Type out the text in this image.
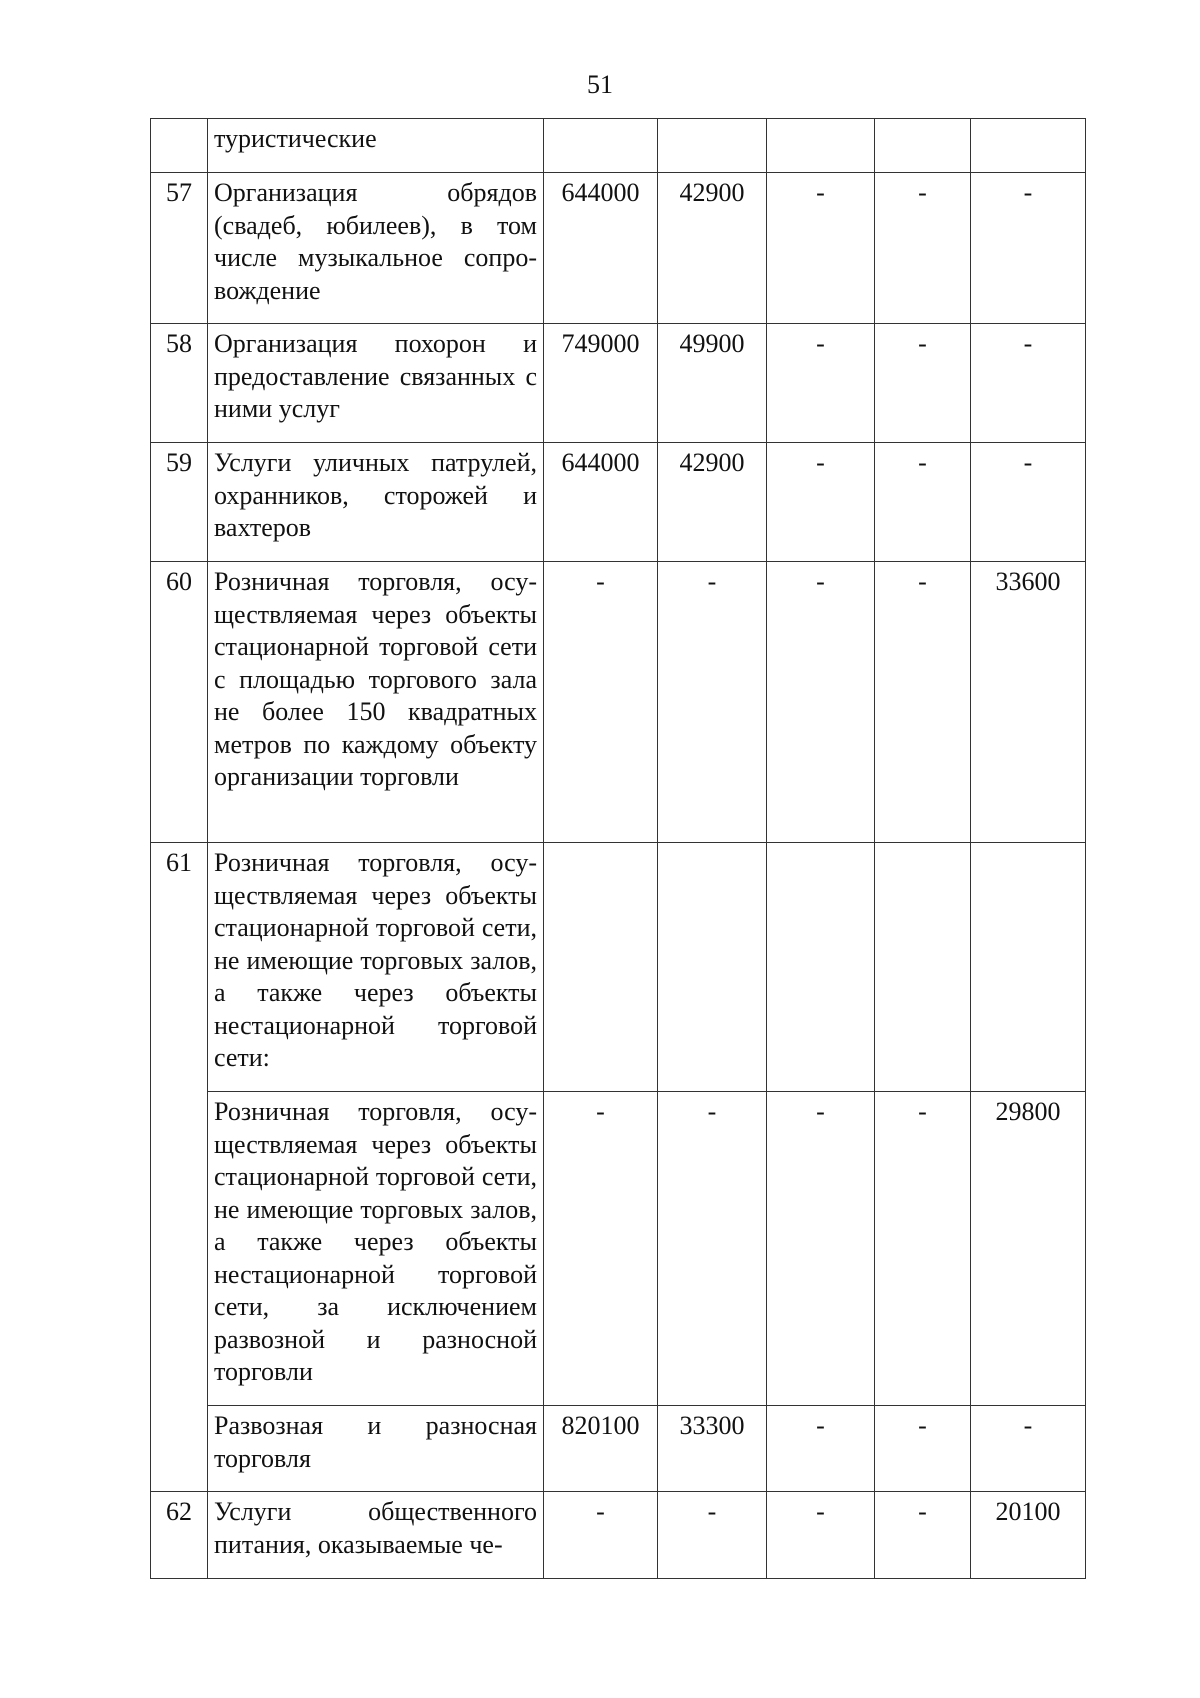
51
	туристические					
57	Организация обрядов (свадеб, юбилеев), в том числе музыкальное сопровождение	644000	42900	-	-	-
58	Организация похорон и предоставление связанных с ними услуг	749000	49900	-	-	-
59	Услуги уличных патрулей, охранников, сторожей и вахтеров	644000	42900	-	-	-
60	Розничная торговля, осуществляемая через объекты стационарной торговой сети с площадью торгового зала не более 150 квадратных метров по каждому объекту организации торговли	-	-	-	-	33600
61	Розничная торговля, осуществляемая через объекты стационарной торговой сети, не имеющие торговых залов, а также через объекты нестационарной торговой сети:					
	Розничная торговля, осуществляемая через объекты стационарной торговой сети, не имеющие торговых залов, а также через объекты нестационарной торговой сети, за исключением развозной и разносной торговли	-	-	-	-	29800
	Развозная и разносная торговля	820100	33300	-	-	-
62	Услуги общественного питания, оказываемые че-	-	-	-	-	20100
